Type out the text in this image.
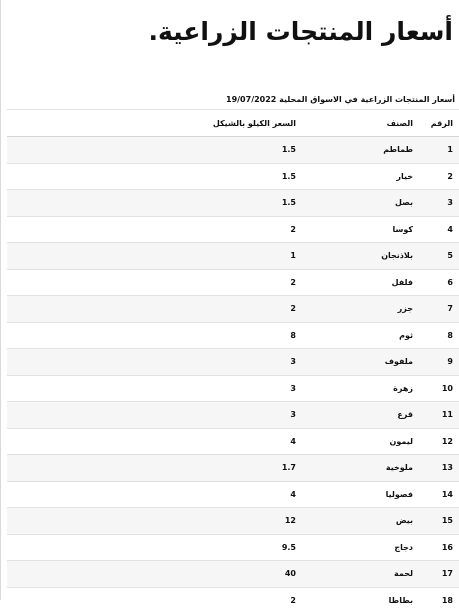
أسعار المنتجات الزراعية.
أسعار المنتجات الزراعية في الاسواق المحلية 19/07/2022
الرقم	الصنف	السعر الكيلو بالشيكل
1	طماطم	1.5
2	خيار	1.5
3	بصل	1.5
4	كوسا	2
5	بلاذنجان	1
6	فلفل	2
7	جزر	2
8	ثوم	8
9	ملفوف	3
10	زهرة	3
11	قرع	3
12	ليمون	4
13	ملوخية	1.7
14	فصوليا	4
15	بيض	12
16	دجاج	9.5
17	لحمة	40
18	بطاطا	2
